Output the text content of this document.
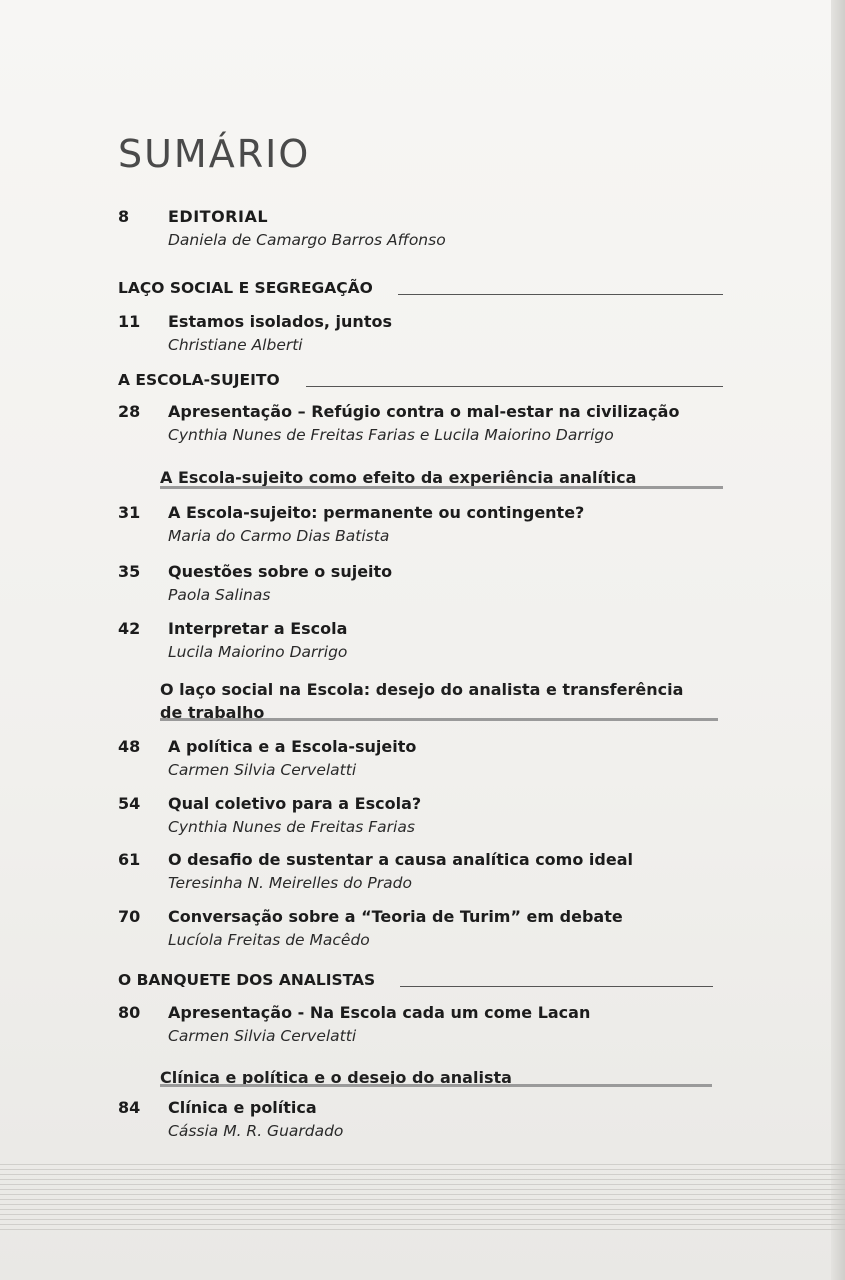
SUMÁRIO
8	EDITORIAL
Daniela de Camargo Barros Affonso
LAÇO SOCIAL E SEGREGAÇÃO
11	Estamos isolados, juntos
Christiane Alberti
A ESCOLA-SUJEITO
28	Apresentação – Refúgio contra o mal-estar na civilização
Cynthia Nunes de Freitas Farias e Lucila Maiorino Darrigo
A Escola-sujeito como efeito da experiência analítica
31	A Escola-sujeito: permanente ou contingente?
Maria do Carmo Dias Batista
35	Questões sobre o sujeito
Paola Salinas
42	Interpretar a Escola
Lucila Maiorino Darrigo
O laço social na Escola: desejo do analista e transferência
de trabalho
48	A política e a Escola-sujeito
Carmen Silvia Cervelatti
54	Qual coletivo para a Escola?
Cynthia Nunes de Freitas Farias
61	O desafio de sustentar a causa analítica como ideal
Teresinha N. Meirelles do Prado
70	Conversação sobre a “Teoria de Turim” em debate
Lucíola Freitas de Macêdo
O BANQUETE DOS ANALISTAS
80	Apresentação - Na Escola cada um come Lacan
Carmen Silvia Cervelatti
Clínica e política e o desejo do analista
84	Clínica e política
Cássia M. R. Guardado
